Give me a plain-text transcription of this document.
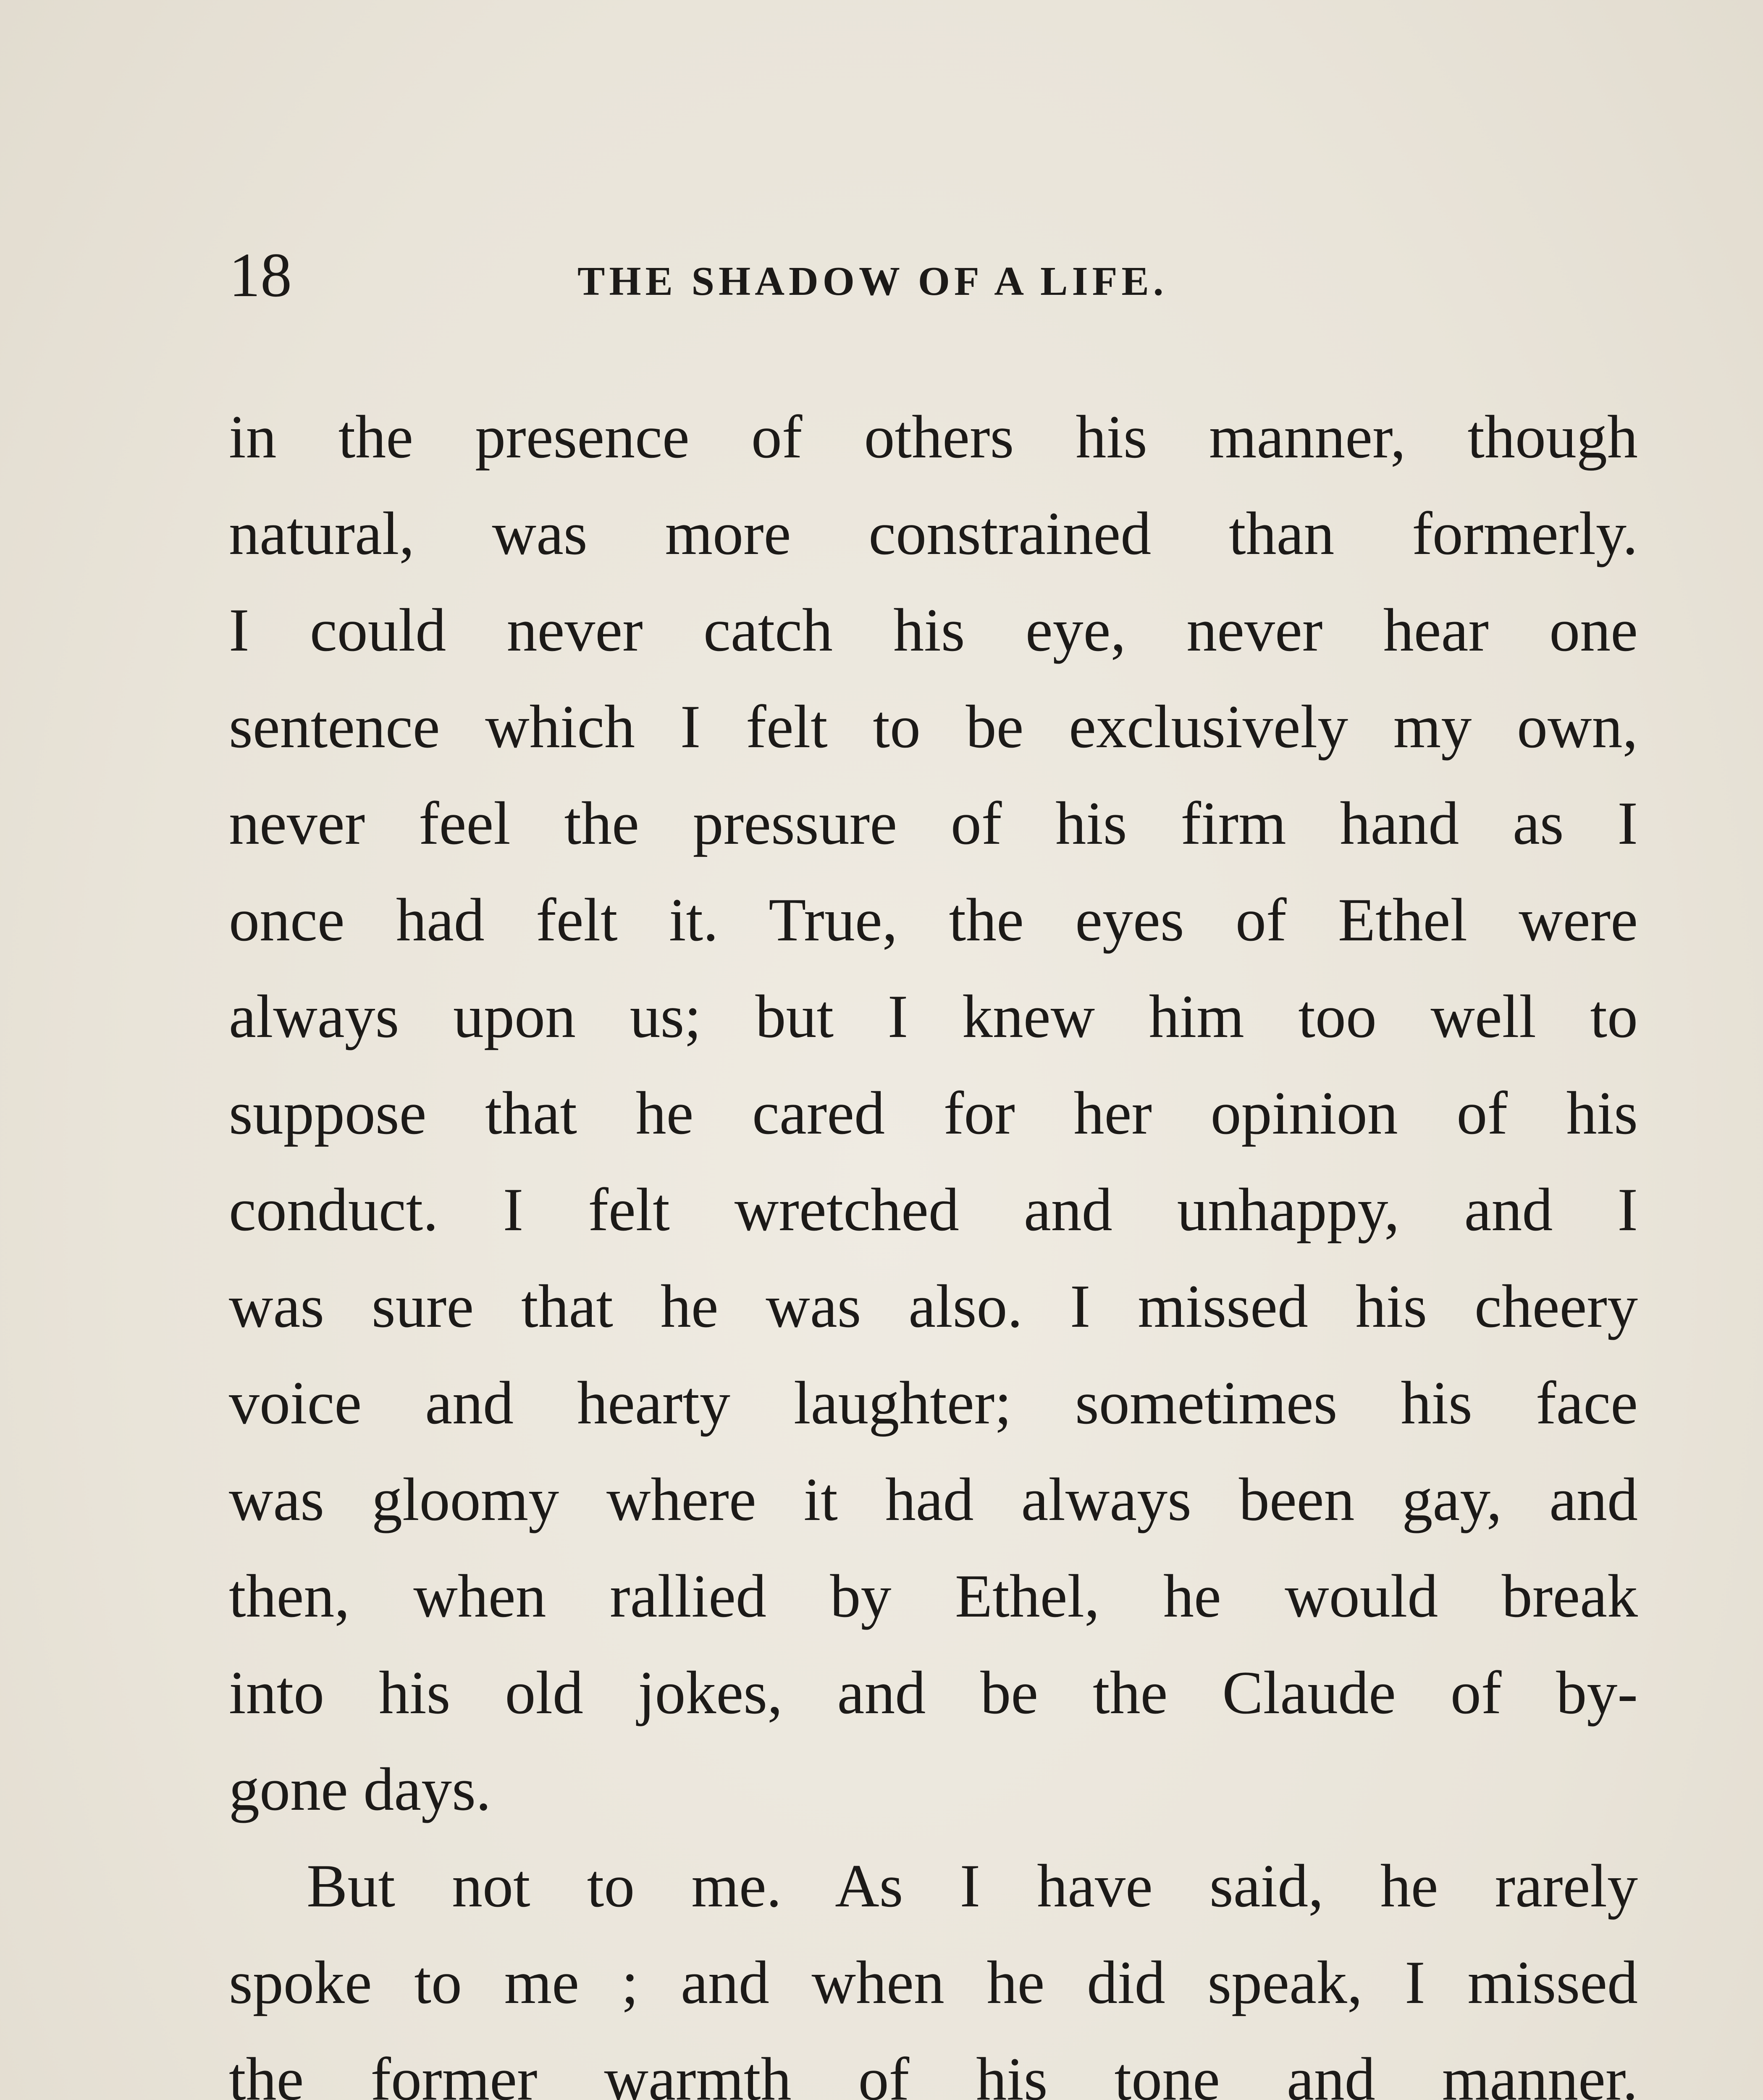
18	THE SHADOW OF A LIFE.
in the presence of others his manner, though
natural, was more constrained than formerly.
I could never catch his eye, never hear one
sentence which I felt to be exclusively my own,
never feel the pressure of his firm hand as I
once had felt it. True, the eyes of Ethel were
always upon us; but I knew him too well to
suppose that he cared for her opinion of his
conduct. I felt wretched and unhappy, and I
was sure that he was also. I missed his cheery
voice and hearty laughter; sometimes his face
was gloomy where it had always been gay, and
then, when rallied by Ethel, he would break
into his old jokes, and be the Claude of by-
gone days.
But not to me. As I have said, he rarely
spoke to me ; and when he did speak, I missed
the former warmth of his tone and manner.
